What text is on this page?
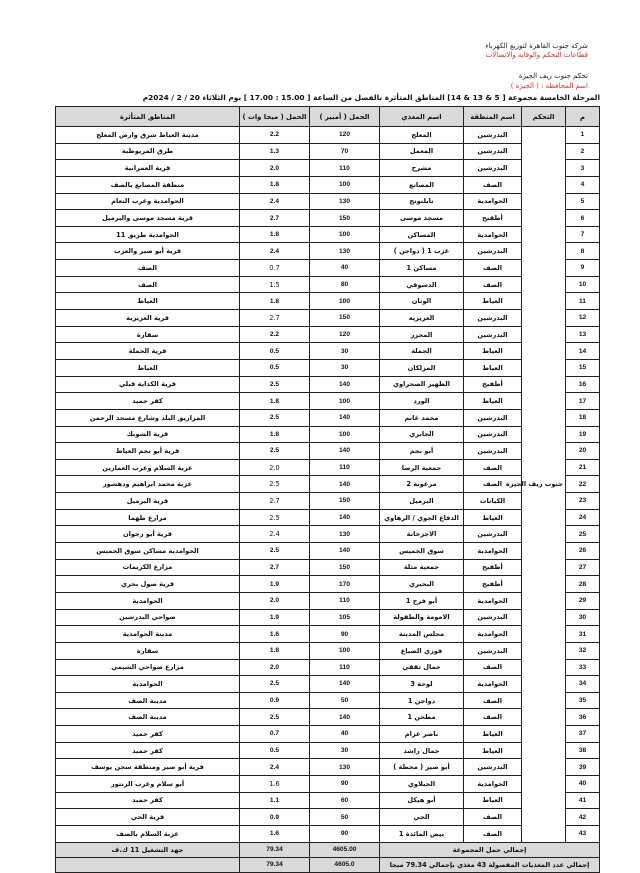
شركة جنوب القاهرة لتوزيع الكهرباء
قطاعات التحكم والوقاية والاتصالات
تحكم جنوب ريف الجيزة
اسم المحافظة : ( الجيزة )
المرحلة الخامسة مجموعة [ 5 & 13 & 14] المناطق المتأثرة بالفصل من الساعة [ 15.00 : 17.00 ] يوم الثلاثاء 20 / 2 / 2024م
م	التحكم	اسم المنطقة	اسم المغذي	الحمل ( أمبير )	الحمل ( ميجا وات )	المناطق المتأثرة
1	جنوب ريف الجيزة	البدرشين	المعلج	120	2.2	مدينة العياط شرق وارض المعلج
2		البدرشين	المعمل	70	1.3	طرق المريوطية
3		البدرشين	مشرح	110	2.0	قرية العمرانية
4		الصف	المصانع	100	1.8	منطقة المصانع بالصف
5		الحوامدية	تابلنوتج	130	2.4	الحوامدية وغرب النعام
6		أطفيح	مسجد موسى	150	2.7	قرية مسجد موسى والبرميل
7		الحوامدية	المساكن	100	1.8	الحوامدية طريق 11
8		البدرشين	عزب 1 ( دواجن )	130	2.4	قرية أبو صير والعزب
9		الصف	مساكن 1	40	0.7	الصف
10		الصف	الدسوقي	80	1.5	الصف
11		العياط	الوتان	100	1.8	العياط
12		البدرشين	العزيزيه	150	2.7	قرية العزيزية
13		البدرشين	المجزر	120	2.2	سقارة
14		العياط	الجملة	30	0.5	قرية الجملة
15		العياط	المزلكان	30	0.5	العياط
16		أطفيح	الظهير الصحراوي	140	2.5	قرية الكداية قبلي
17		العياط	الورد	100	1.8	كفر حميد
18		البدرشين	محمد غانم	140	2.5	المرازيق البلد وشارع مسجد الرحمن
19		البدرشين	الجابري	100	1.8	قرية الشوبك
20		البدرشين	أبو نجم	140	2.5	قرية أبو نجم العياط
21		الصف	جمعية الرضا	110	2.0	عزبة السلام وعرب العمارين
22		الصف	مزغونة 2	140	2.5	عزبة محمد ابراهيم ودهشور
23		الكيانات	البرميل	150	2.7	قرية البرميل
24		العياط	الدفاع الجوي / الرهاوي	140	2.5	مزارع طهما
25		البدرشين	الاجزخانة	130	2.4	قرية أبو رجوان
26		الحوامدية	سوق الخميس	140	2.5	الحوامدية مساكن سوق الخميس
27		أطفيح	جمعية مثلة	150	2.7	مزارع الكريمات
28		أطفيح	البحيري	170	1.9	قرية صول بحري
29		الحوامدية	أبو فرج 1	110	2.0	الحوامدية
30		البدرشين	الامومة والطفولة	105	1.9	ضواحي البدرشين
31		الحوامدية	مجلس المدينة	90	1.6	مدينة الحوامدية
32		البدرشين	فوزي الضباع	100	1.8	سقارة
33		الصف	جمال ثقفي	110	2.0	مزارع ضواحي الشيمي
34		الحوامدية	لوحة 3	140	2.5	الحوامدية
35		الصف	دواجن 1	50	0.9	مدينة الصف
36		الصف	مطحن 1	140	2.5	مدينة الصف
37		العياط	ناصر عزام	40	0.7	كفر حميد
38		العياط	جمال راشد	30	0.5	كفر حميد
39		البدرشين	أبو صير ( محطة )	130	2.4	قرية أبو صير ومنطقة سجن يوسف
40		الحوامدية	الجبلاوي	90	1.6	أبو سلام وعرب الزنتور
41		العياط	أبو هيكل	60	1.1	كفر حميد
42		الصف	الحي	50	0.9	قرية الحي
43		الصف	بيض المائدة 1	90	1.6	عزبة السلام بالصف
إجمالي حمل المجموعة				4605.00	79.34	جهد التشغيل 11 ك.ف
إجمالي عدد المغذيات المفصولة 43 مغذي بإجمالي 79.34 ميجا				4605.0	79.34	
